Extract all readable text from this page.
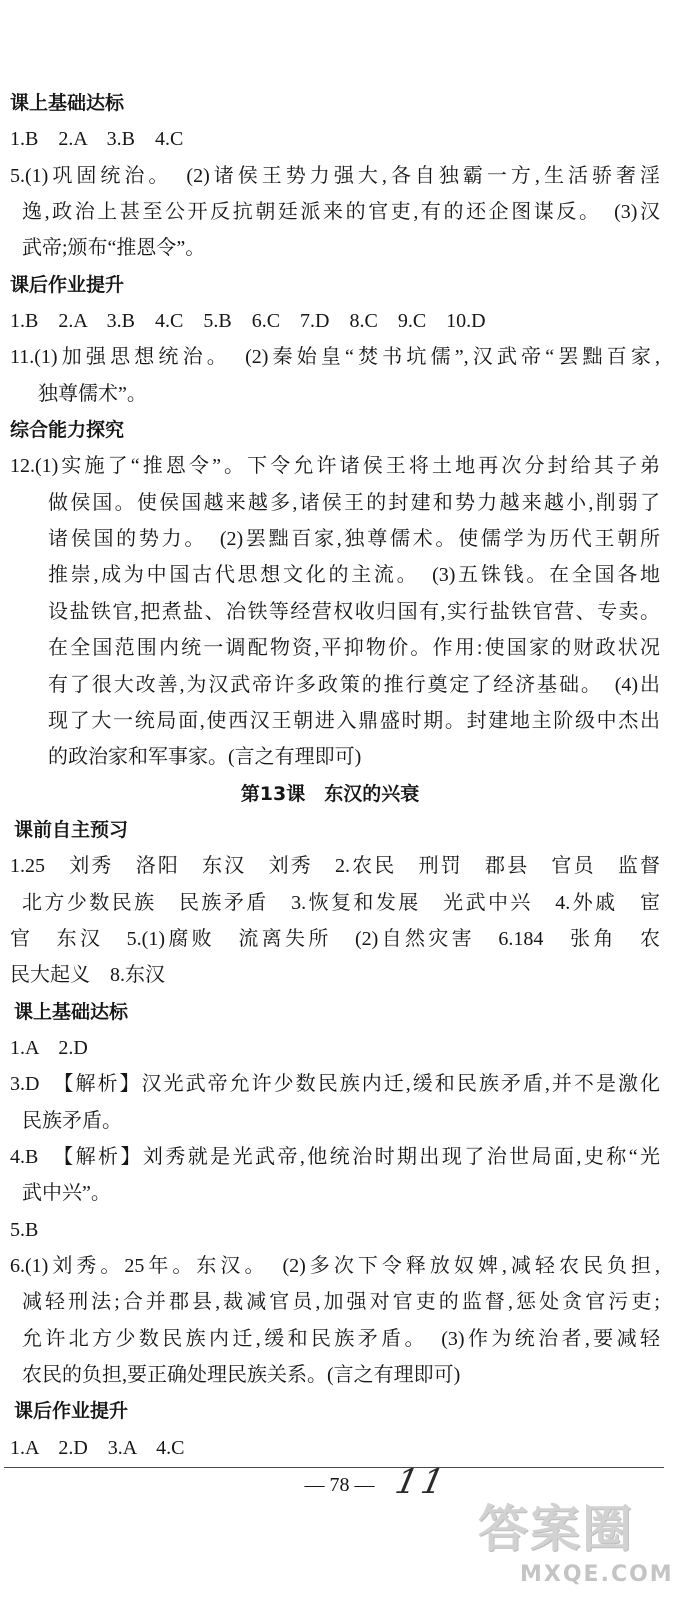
课上基础达标
1.B　2.A　3.B　4.C
5.(1)巩固统治。　(2)诸侯王势力强大,各自独霸一方,生活骄奢淫
逸,政治上甚至公开反抗朝廷派来的官吏,有的还企图谋反。　(3)汉
武帝;颁布“推恩令”。
课后作业提升
1.B　2.A　3.B　4.C　5.B　6.C　7.D　8.C　9.C　10.D
11.(1)加强思想统治。　(2)秦始皇“焚书坑儒”,汉武帝“罢黜百家,
独尊儒术”。
综合能力探究
12.(1)实施了“推恩令”。下令允许诸侯王将土地再次分封给其子弟
做侯国。使侯国越来越多,诸侯王的封建和势力越来越小,削弱了
诸侯国的势力。　(2)罢黜百家,独尊儒术。使儒学为历代王朝所
推崇,成为中国古代思想文化的主流。　(3)五铢钱。在全国各地
设盐铁官,把煮盐、冶铁等经营权收归国有,实行盐铁官营、专卖。
在全国范围内统一调配物资,平抑物价。作用:使国家的财政状况
有了很大改善,为汉武帝许多政策的推行奠定了经济基础。　(4)出
现了大一统局面,使西汉王朝进入鼎盛时期。封建地主阶级中杰出
的政治家和军事家。(言之有理即可)
第13课　东汉的兴衰
课前自主预习
1.25　刘秀　洛阳　东汉　刘秀　2.农民　刑罚　郡县　官员　监督
北方少数民族　民族矛盾　3.恢复和发展　光武中兴　4.外戚　宦
官　东汉　5.(1)腐败　流离失所　(2)自然灾害　6.184　张角　农
民大起义　8.东汉
课上基础达标
1.A　2.D
3.D　【解析】汉光武帝允许少数民族内迁,缓和民族矛盾,并不是激化
民族矛盾。
4.B　【解析】刘秀就是光武帝,他统治时期出现了治世局面,史称“光
武中兴”。
5.B
6.(1)刘秀。25年。东汉。　(2)多次下令释放奴婢,减轻农民负担,
减轻刑法;合并郡县,裁减官员,加强对官吏的监督,惩处贪官污吏;
允许北方少数民族内迁,缓和民族矛盾。　(3)作为统治者,要减轻
农民的负担,要正确处理民族关系。(言之有理即可)
课后作业提升
1.A　2.D　3.A　4.C
— 78 — 11
答案圈
MXQE.COM
